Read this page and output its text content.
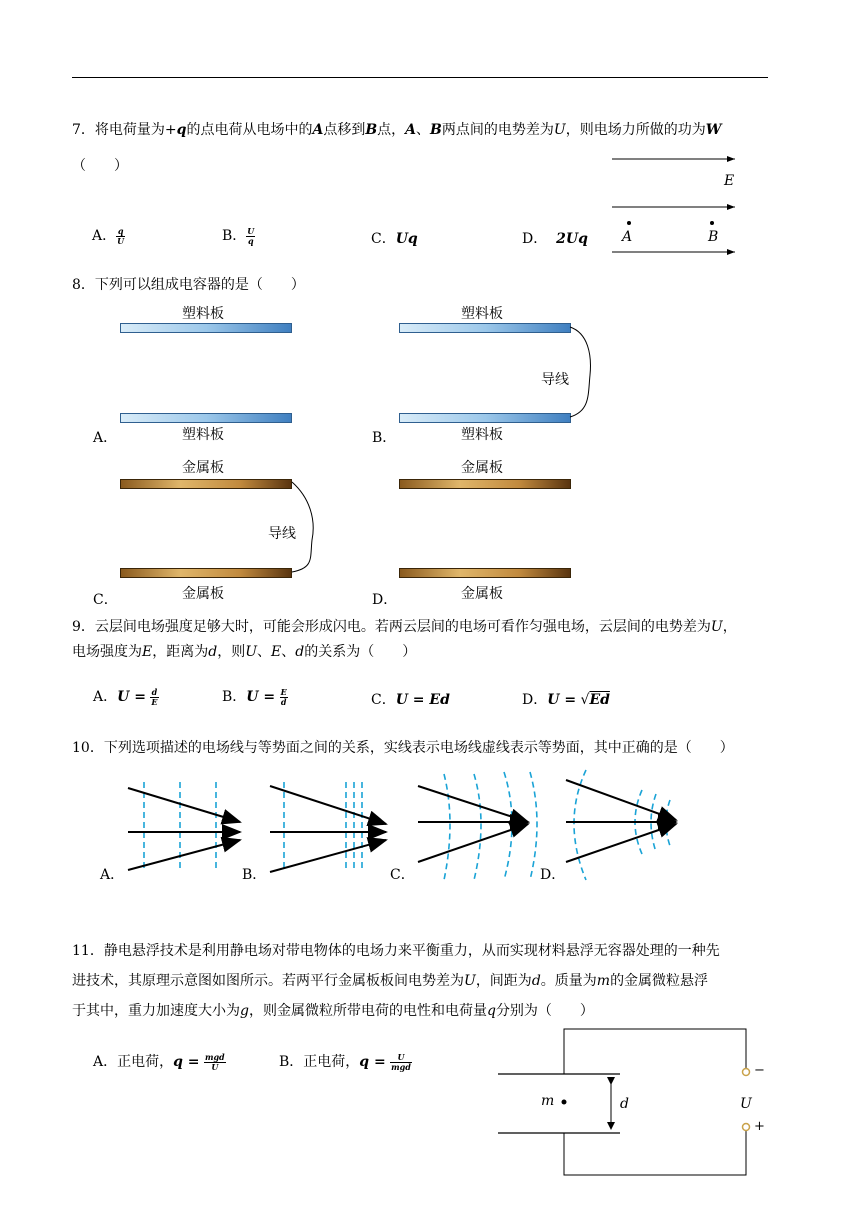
7．将电荷量为+q的点电荷从电场中的A点移到B点，A、B两点间的电势差为U，则电场力所做的功为W
（　　）
A． $\frac{q}{U}$	B． $\frac{U}{q}$	C．Uq	D． 2Uq
E
A	B
8．下列可以组成电容器的是（　　）
塑料板
塑料板
A．
塑料板
导线
塑料板
B．
金属板
导线
金属板
C．
金属板
金属板
D．
9．云层间电场强度足够大时，可能会形成闪电。若两云层间的电场可看作匀强电场，云层间的电势差为U，
电场强度为E，距离为d，则U、E、d的关系为（　　）
A．$U = \frac{d}{E}$	B．$U = \frac{E}{d}$	C．U = Ed	D．U = √Ed
10．下列选项描述的电场线与等势面之间的关系，实线表示电场线虚线表示等势面，其中正确的是（　　）
A．	B．	C．	D．
11．静电悬浮技术是利用静电场对带电物体的电场力来平衡重力，从而实现材料悬浮无容器处理的一种先
进技术，其原理示意图如图所示。若两平行金属板板间电势差为U，间距为d。质量为m的金属微粒悬浮
于其中，重力加速度大小为g，则金属微粒所带电荷的电性和电荷量q分别为（　　）
A．正电荷，$q = \frac{\text{mgd}}{U}$	B．正电荷，$q = \frac{U}{\text{mgd}}$
m	d	U
−
+
